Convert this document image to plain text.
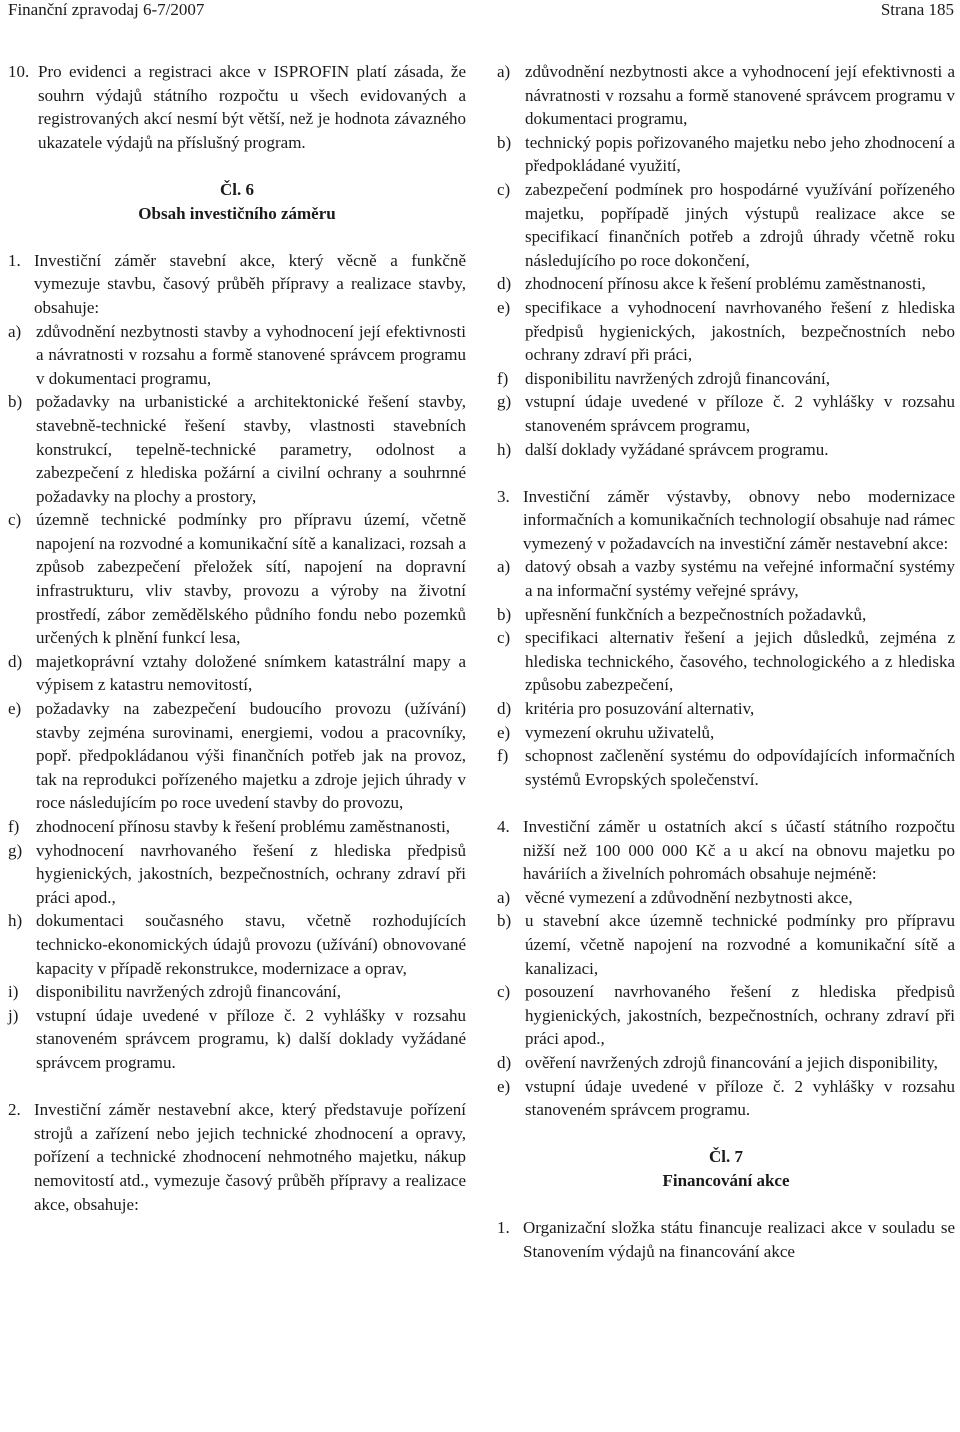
Finanční zpravodaj 6-7/2007	Strana 185
10. Pro evidenci a registraci akce v ISPROFIN platí zásada, že souhrn výdajů státního rozpočtu u všech evidovaných a registrovaných akcí nesmí být větší, než je hodnota závazného ukazatele výdajů na příslušný program.

Čl. 6

Obsah investičního záměru

1. Investiční záměr stavební akce, který věcně a funkčně vymezuje stavbu, časový průběh přípravy a realizace stavby, obsahuje:
a) zdůvodnění nezbytnosti stavby a vyhodnocení její efektivnosti a návratnosti v rozsahu a formě stanovené správcem programu v dokumentaci programu,
b) požadavky na urbanistické a architektonické řešení stavby, stavebně-technické řešení stavby, vlastnosti stavebních konstrukcí, tepelně-technické parametry, odolnost a zabezpečení z hlediska požární a civilní ochrany a souhrnné požadavky na plochy a prostory,
c) územně technické podmínky pro přípravu území, včetně napojení na rozvodné a komunikační sítě a kanalizaci, rozsah a způsob zabezpečení přeložek sítí, napojení na dopravní infrastrukturu, vliv stavby, provozu a výroby na životní prostředí, zábor zemědělského půdního fondu nebo pozemků určených k plnění funkcí lesa,
d) majetkoprávní vztahy doložené snímkem katastrální mapy a výpisem z katastru nemovitostí,
e) požadavky na zabezpečení budoucího provozu (užívání) stavby zejména surovinami, energiemi, vodou a pracovníky, popř. předpokládanou výši finančních potřeb jak na provoz, tak na reprodukci pořízeného majetku a zdroje jejich úhrady v roce následujícím po roce uvedení stavby do provozu,
f) zhodnocení přínosu stavby k řešení problému zaměstnanosti,
g) vyhodnocení navrhovaného řešení z hlediska předpisů hygienických, jakostních, bezpečnostních, ochrany zdraví při práci apod.,
h) dokumentaci současného stavu, včetně rozhodujících technicko-ekonomických údajů provozu (užívání) obnovované kapacity v případě rekonstrukce, modernizace a oprav,
i) disponibilitu navržených zdrojů financování,
j) vstupní údaje uvedené v příloze č. 2 vyhlášky v rozsahu stanoveném správcem programu, k) další doklady vyžádané správcem programu.
2. Investiční záměr nestavební akce, který představuje pořízení strojů a zařízení nebo jejich technické zhodnocení a opravy, pořízení a technické zhodnocení nehmotného majetku, nákup nemovitostí atd., vymezuje časový průběh přípravy a realizace akce, obsahuje:
a) zdůvodnění nezbytnosti akce a vyhodnocení její efektivnosti a návratnosti v rozsahu a formě stanovené správcem programu v dokumentaci programu,
b) technický popis pořizovaného majetku nebo jeho zhodnocení a předpokládané využití,
c) zabezpečení podmínek pro hospodárné využívání pořízeného majetku, popřípadě jiných výstupů realizace akce se specifikací finančních potřeb a zdrojů úhrady včetně roku následujícího po roce dokončení,
d) zhodnocení přínosu akce k řešení problému zaměstnanosti,
e) specifikace a vyhodnocení navrhovaného řešení z hlediska předpisů hygienických, jakostních, bezpečnostních nebo ochrany zdraví při práci,
f) disponibilitu navržených zdrojů financování,
g) vstupní údaje uvedené v příloze č. 2 vyhlášky v rozsahu stanoveném správcem programu,
h) další doklady vyžádané správcem programu.
3. Investiční záměr výstavby, obnovy nebo modernizace informačních a komunikačních technologií obsahuje nad rámec vymezený v požadavcích na investiční záměr nestavební akce:
a) datový obsah a vazby systému na veřejné informační systémy a na informační systémy veřejné správy,
b) upřesnění funkčních a bezpečnostních požadavků,
c) specifikaci alternativ řešení a jejich důsledků, zejména z hlediska technického, časového, technologického a z hlediska způsobu zabezpečení,
d) kritéria pro posuzování alternativ,
e) vymezení okruhu uživatelů,
f) schopnost začlenění systému do odpovídajících informačních systémů Evropských společenství.
4. Investiční záměr u ostatních akcí s účastí státního rozpočtu nižší než 100 000 000 Kč a u akcí na obnovu majetku po haváriích a živelních pohromách obsahuje nejméně:
a) věcné vymezení a zdůvodnění nezbytnosti akce,
b) u stavební akce územně technické podmínky pro přípravu území, včetně napojení na rozvodné a komunikační sítě a kanalizaci,
c) posouzení navrhovaného řešení z hlediska předpisů hygienických, jakostních, bezpečnostních, ochrany zdraví při práci apod.,
d) ověření navržených zdrojů financování a jejich disponibility,
e) vstupní údaje uvedené v příloze č. 2 vyhlášky v rozsahu stanoveném správcem programu.

Čl. 7

Financování akce

1. Organizační složka státu financuje realizaci akce v souladu se Stanovením výdajů na financování akce
